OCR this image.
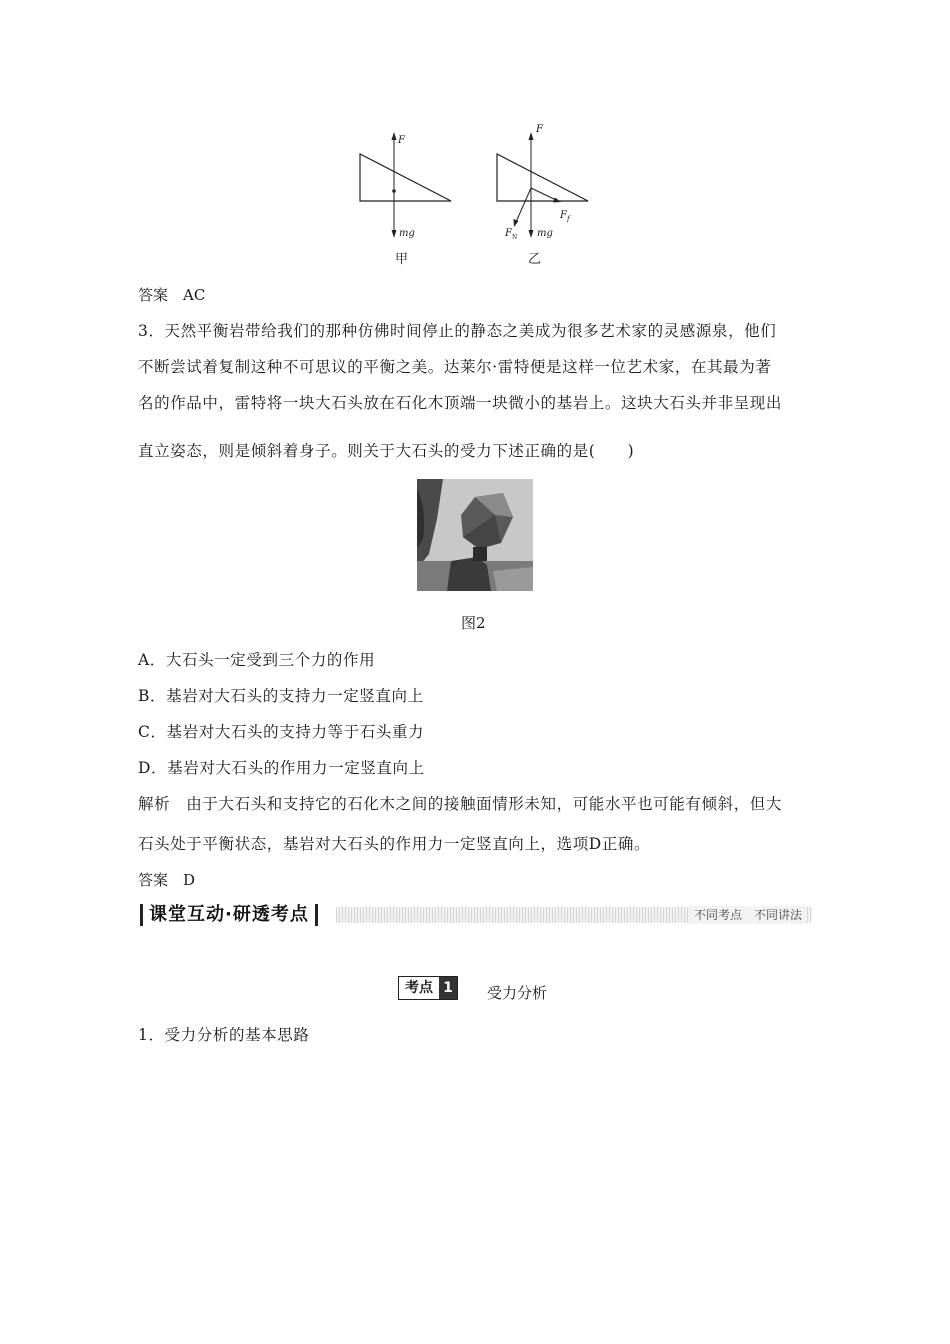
F
mg
甲
F
$F_N$ mg
$F_f$
乙
答案　AC
3．天然平衡岩带给我们的那种仿佛时间停止的静态之美成为很多艺术家的灵感源泉，他们
不断尝试着复制这种不可思议的平衡之美。达莱尔·雷特便是这样一位艺术家，在其最为著
名的作品中，雷特将一块大石头放在石化木顶端一块微小的基岩上。这块大石头并非呈现出
直立姿态，则是倾斜着身子。则关于大石头的受力下述正确的是(　　)
图2
A．大石头一定受到三个力的作用
B．基岩对大石头的支持力一定竖直向上
C．基岩对大石头的支持力等于石头重力
D．基岩对大石头的作用力一定竖直向上
解析　由于大石头和支持它的石化木之间的接触面情形未知，可能水平也可能有倾斜，但大
石头处于平衡状态，基岩对大石头的作用力一定竖直向上，选项D正确。
答案　D
课堂互动·研透考点	不同考点　不同讲法
考点 1 受力分析
1．受力分析的基本思路
